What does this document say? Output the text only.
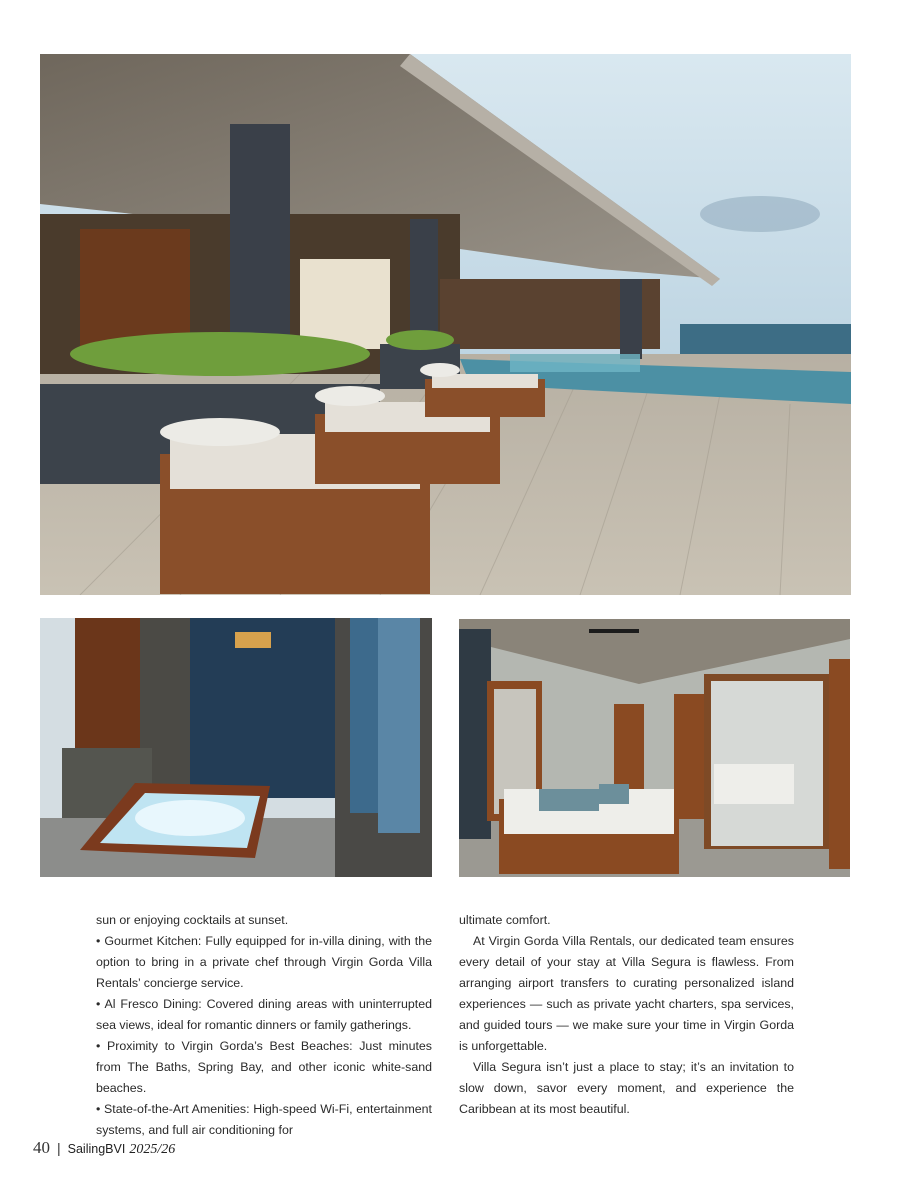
sun or enjoying cocktails at sunset.

• Gourmet Kitchen: Fully equipped for in-villa dining, with the option to bring in a private chef through Virgin Gorda Villa Rentals’ concierge service.

• Al Fresco Dining: Covered dining areas with uninterrupted sea views, ideal for romantic dinners or family gatherings.

• Proximity to Virgin Gorda’s Best Beaches: Just minutes from The Baths, Spring Bay, and other iconic white-sand beaches.

• State-of-the-Art Amenities: High-speed Wi-Fi, entertainment systems, and full air conditioning for

ultimate comfort.

At Virgin Gorda Villa Rentals, our dedicated team ensures every detail of your stay at Villa Segura is flawless. From arranging airport transfers to curating personalized island experiences — such as private yacht charters, spa services, and guided tours — we make sure your time in Virgin Gorda is unforgettable.

Villa Segura isn’t just a place to stay; it’s an invitation to slow down, savor every moment, and experience the Caribbean at its most beautiful.

40 | SailingBVI 2025/26
